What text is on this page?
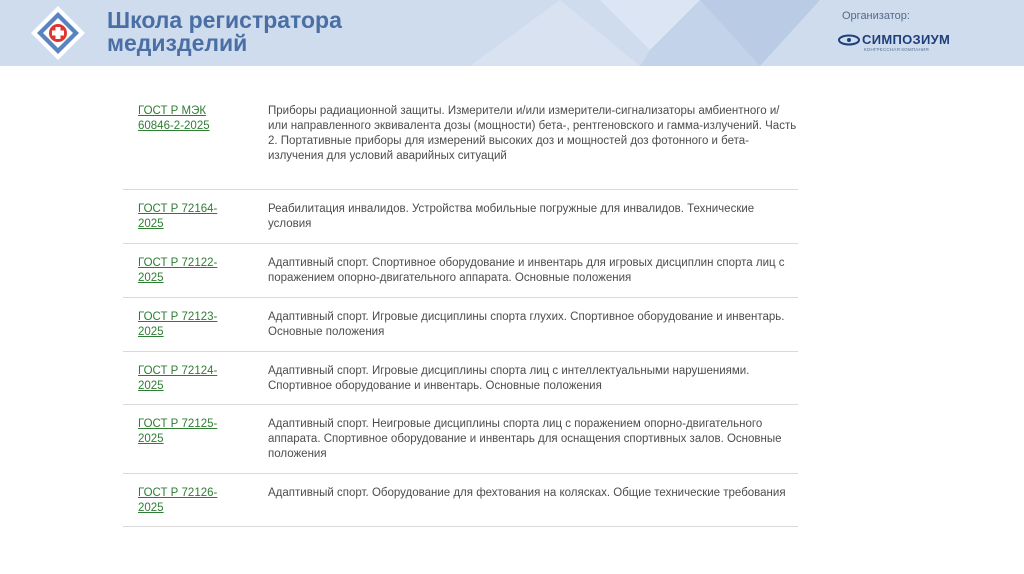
Школа регистратора
медизделий
Организатор:
СИМПОЗИУМ
КОНГРЕССНАЯ КОМПАНИЯ
ГОСТ Р МЭК 60846-2-2025	Приборы радиационной защиты. Измерители и/или измерители-сигнализаторы амбиентного и/или направленного эквивалента дозы (мощности) бета-, рентгеновского и гамма-излучений. Часть 2. Портативные приборы для измерений высоких доз и мощностей доз фотонного и бета-излучения для условий аварийных ситуаций

ГОСТ Р 72164-2025	Реабилитация инвалидов. Устройства мобильные погружные для инвалидов. Технические условия

ГОСТ Р 72122-2025	Адаптивный спорт. Спортивное оборудование и инвентарь для игровых дисциплин спорта лиц с поражением опорно-двигательного аппарата. Основные положения

ГОСТ Р 72123-2025	Адаптивный спорт. Игровые дисциплины спорта глухих. Спортивное оборудование и инвентарь. Основные положения

ГОСТ Р 72124-2025	Адаптивный спорт. Игровые дисциплины спорта лиц с интеллектуальными нарушениями. Спортивное оборудование и инвентарь. Основные положения

ГОСТ Р 72125-2025	Адаптивный спорт. Неигровые дисциплины спорта лиц с поражением опорно-двигательного аппарата. Спортивное оборудование и инвентарь для оснащения спортивных залов. Основные положения

ГОСТ Р 72126-2025	Адаптивный спорт. Оборудование для фехтования на колясках. Общие технические требования
